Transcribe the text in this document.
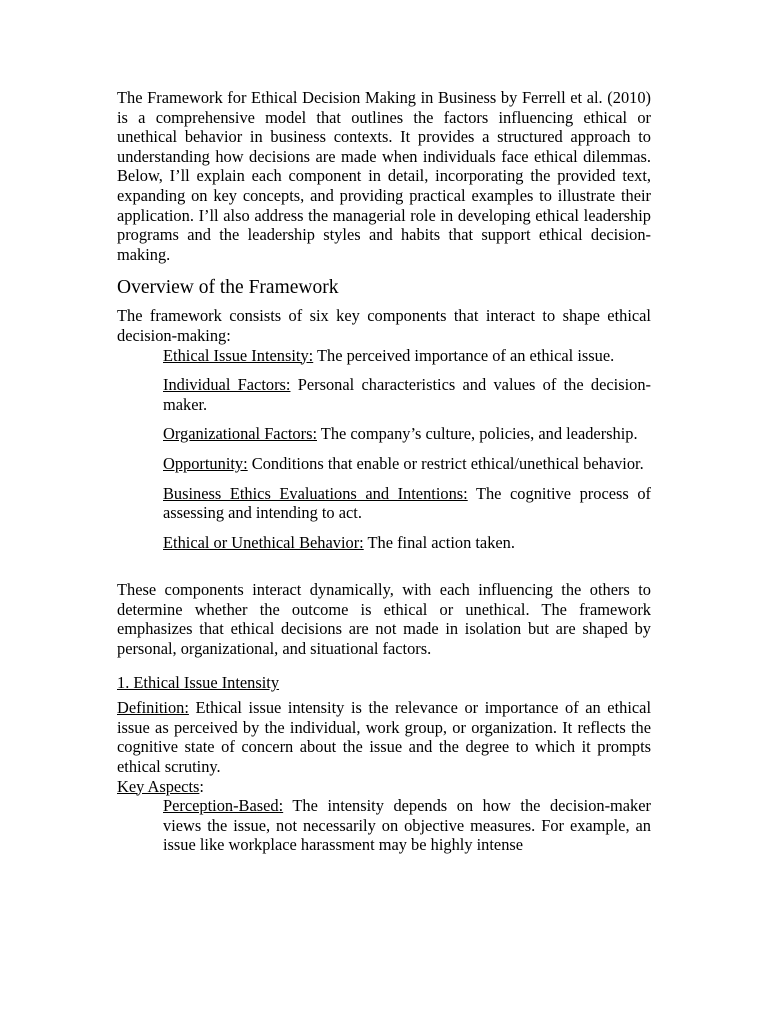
The Framework for Ethical Decision Making in Business by Ferrell et al. (2010) is a comprehensive model that outlines the factors influencing ethical or unethical behavior in business contexts. It provides a structured approach to understanding how decisions are made when individuals face ethical dilemmas. Below, I’ll explain each component in detail, incorporating the provided text, expanding on key concepts, and providing practical examples to illustrate their application. I’ll also address the managerial role in developing ethical leadership programs and the leadership styles and habits that support ethical decision-making.

Overview of the Framework

The framework consists of six key components that interact to shape ethical decision-making:

Ethical Issue Intensity: The perceived importance of an ethical issue.

Individual Factors: Personal characteristics and values of the decision-maker.

Organizational Factors: The company’s culture, policies, and leadership.

Opportunity: Conditions that enable or restrict ethical/unethical behavior.

Business Ethics Evaluations and Intentions: The cognitive process of assessing and intending to act.

Ethical or Unethical Behavior: The final action taken.

These components interact dynamically, with each influencing the others to determine whether the outcome is ethical or unethical. The framework emphasizes that ethical decisions are not made in isolation but are shaped by personal, organizational, and situational factors.

1. Ethical Issue Intensity

Definition: Ethical issue intensity is the relevance or importance of an ethical issue as perceived by the individual, work group, or organization. It reflects the cognitive state of concern about the issue and the degree to which it prompts ethical scrutiny.

Key Aspects:

Perception-Based: The intensity depends on how the decision-maker views the issue, not necessarily on objective measures. For example, an issue like workplace harassment may be highly intense
